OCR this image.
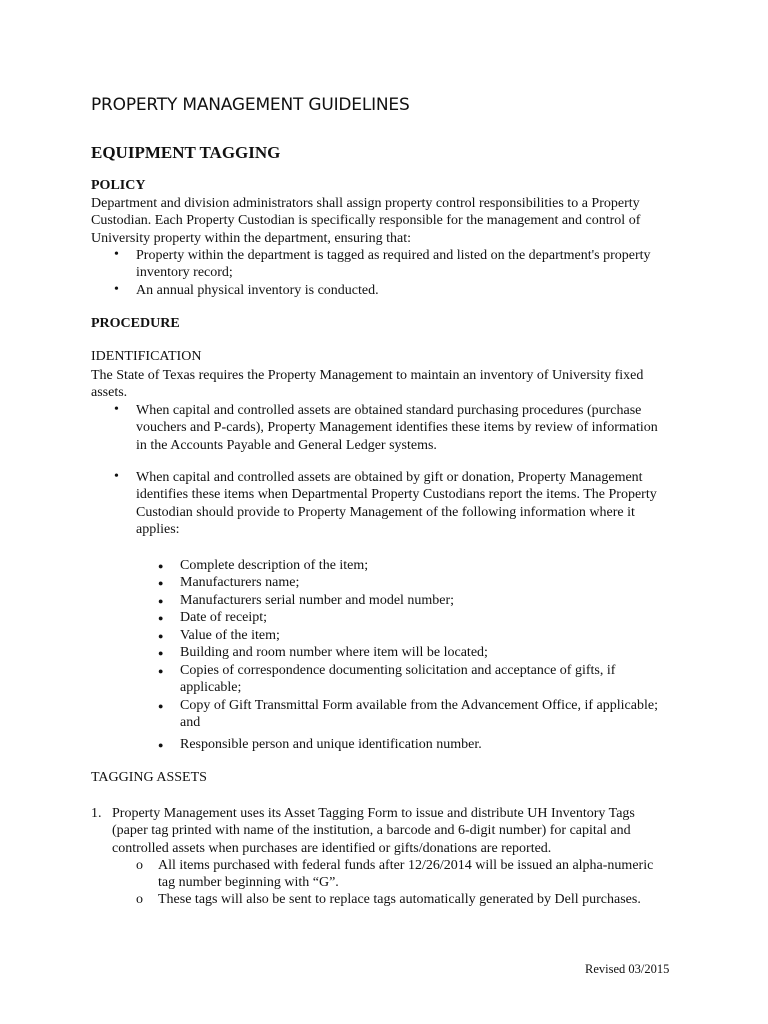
PROPERTY MANAGEMENT GUIDELINES
EQUIPMENT TAGGING
POLICY
Department and division administrators shall assign property control responsibilities to a Property
Custodian. Each Property Custodian is specifically responsible for the management and control of
University property within the department, ensuring that:
• Property within the department is tagged as required and listed on the department's property
inventory record;
• An annual physical inventory is conducted.
PROCEDURE
IDENTIFICATION
The State of Texas requires the Property Management to maintain an inventory of University fixed
assets.
• When capital and controlled assets are obtained standard purchasing procedures (purchase
vouchers and P-cards), Property Management identifies these items by review of information
in the Accounts Payable and General Ledger systems.
• When capital and controlled assets are obtained by gift or donation, Property Management
identifies these items when Departmental Property Custodians report the items. The Property
Custodian should provide to Property Management of the following information where it
applies:
● Complete description of the item;
● Manufacturers name;
● Manufacturers serial number and model number;
● Date of receipt;
● Value of the item;
● Building and room number where item will be located;
● Copies of correspondence documenting solicitation and acceptance of gifts, if
applicable;
● Copy of Gift Transmittal Form available from the Advancement Office, if applicable;
and
● Responsible person and unique identification number.
TAGGING ASSETS
1. Property Management uses its Asset Tagging Form to issue and distribute UH Inventory Tags
(paper tag printed with name of the institution, a barcode and 6-digit number) for capital and
controlled assets when purchases are identified or gifts/donations are reported.
o All items purchased with federal funds after 12/26/2014 will be issued an alpha-numeric
tag number beginning with “G”.
o These tags will also be sent to replace tags automatically generated by Dell purchases.
Revised 03/2015
